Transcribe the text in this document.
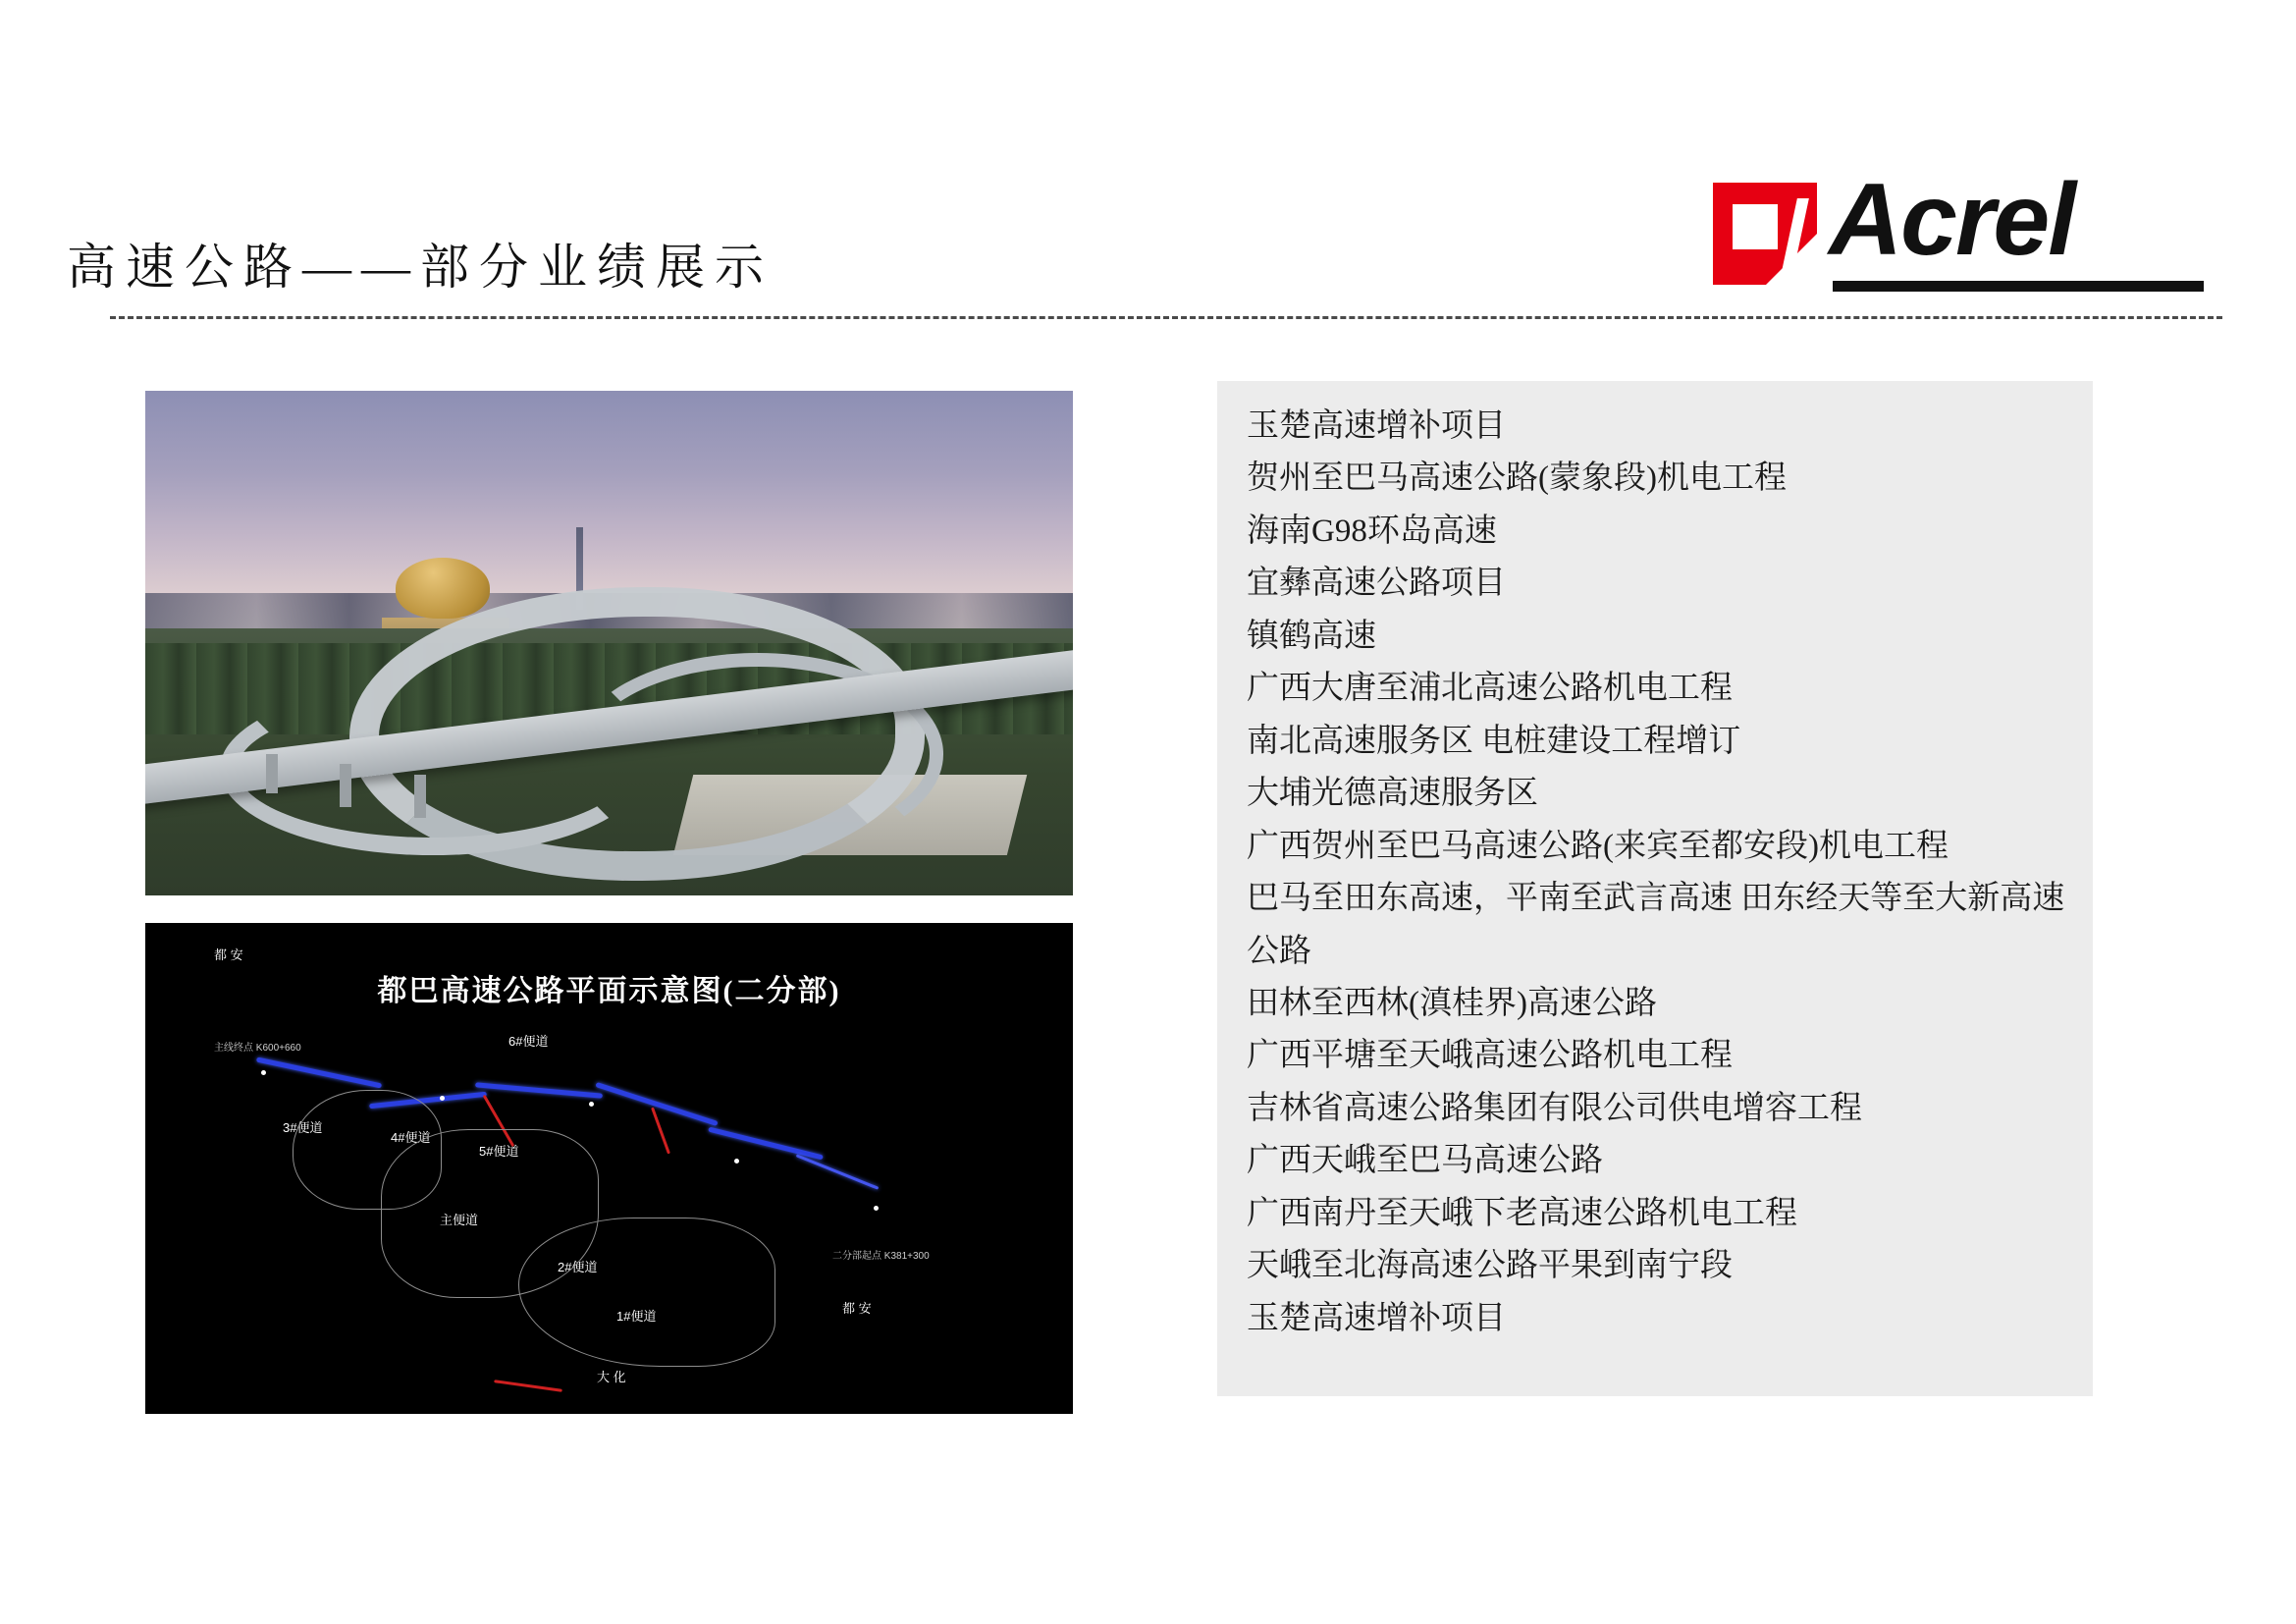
高速公路——部分业绩展示	Acrel
都巴高速公路平面示意图(二分部)
都 安
主线终点 K600+660	6#便道
3#便道
4#便道
5#便道
主便道
2#便道
1#便道
二分部起点 K381+300
大 化
都 安
玉楚高速增补项目
贺州至巴马高速公路(蒙象段)机电工程
海南G98环岛高速
宜彝高速公路项目
镇鹤高速
广西大唐至浦北高速公路机电工程
南北高速服务区 电桩建设工程增订
大埔光德高速服务区
广西贺州至巴马高速公路(来宾至都安段)机电工程
巴马至田东高速，平南至武言高速 田东经天等至大新高速公路
田林至西林(滇桂界)高速公路
广西平塘至天峨高速公路机电工程
吉林省高速公路集团有限公司供电增容工程
广西天峨至巴马高速公路
广西南丹至天峨下老高速公路机电工程
天峨至北海高速公路平果到南宁段
玉楚高速增补项目
